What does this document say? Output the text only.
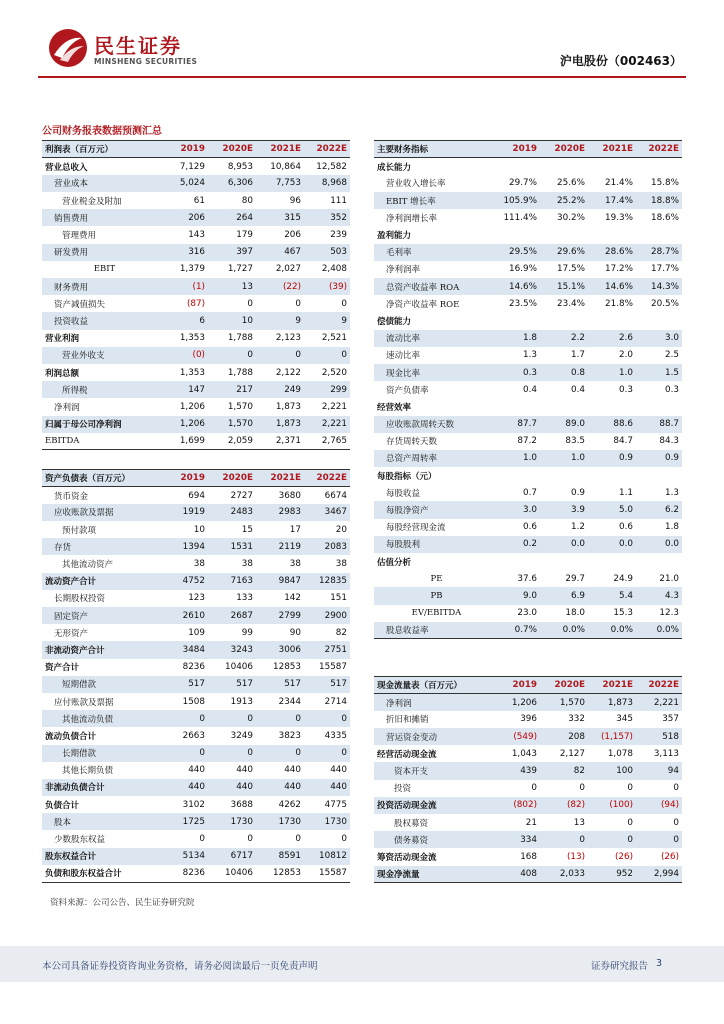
民生证券
MINSHENG SECURITIES	沪电股份（002463）
公司财务报表数据预测汇总
利润表（百万元）	2019	2020E	2021E	2022E
营业总收入	7,129	8,953	10,864	12,582
营业成本	5,024	6,306	7,753	8,968
营业税金及附加	61	80	96	111
销售费用	206	264	315	352
管理费用	143	179	206	239
研发费用	316	397	467	503
EBIT	1,379	1,727	2,027	2,408
财务费用	(1)	13	(22)	(39)
资产减值损失	(87)	0	0	0
投资收益	6	10	9	9
营业利润	1,353	1,788	2,123	2,521
营业外收支	(0)	0	0	0
利润总额	1,353	1,788	2,122	2,520
所得税	147	217	249	299
净利润	1,206	1,570	1,873	2,221
归属于母公司净利润	1,206	1,570	1,873	2,221
EBITDA	1,699	2,059	2,371	2,765
资产负债表（百万元）	2019	2020E	2021E	2022E
货币资金	694	2727	3680	6674
应收账款及票据	1919	2483	2983	3467
预付款项	10	15	17	20
存货	1394	1531	2119	2083
其他流动资产	38	38	38	38
流动资产合计	4752	7163	9847	12835
长期股权投资	123	133	142	151
固定资产	2610	2687	2799	2900
无形资产	109	99	90	82
非流动资产合计	3484	3243	3006	2751
资产合计	8236	10406	12853	15587
短期借款	517	517	517	517
应付账款及票据	1508	1913	2344	2714
其他流动负债	0	0	0	0
流动负债合计	2663	3249	3823	4335
长期借款	0	0	0	0
其他长期负债	440	440	440	440
非流动负债合计	440	440	440	440
负债合计	3102	3688	4262	4775
股本	1725	1730	1730	1730
少数股东权益	0	0	0	0
股东权益合计	5134	6717	8591	10812
负债和股东权益合计	8236	10406	12853	15587
主要财务指标	2019	2020E	2021E	2022E
成长能力				
营业收入增长率	29.7%	25.6%	21.4%	15.8%
EBIT 增长率	105.9%	25.2%	17.4%	18.8%
净利润增长率	111.4%	30.2%	19.3%	18.6%
盈利能力				
毛利率	29.5%	29.6%	28.6%	28.7%
净利润率	16.9%	17.5%	17.2%	17.7%
总资产收益率 ROA	14.6%	15.1%	14.6%	14.3%
净资产收益率 ROE	23.5%	23.4%	21.8%	20.5%
偿债能力				
流动比率	1.8	2.2	2.6	3.0
速动比率	1.3	1.7	2.0	2.5
现金比率	0.3	0.8	1.0	1.5
资产负债率	0.4	0.4	0.3	0.3
经营效率				
应收账款周转天数	87.7	89.0	88.6	88.7
存货周转天数	87.2	83.5	84.7	84.3
总资产周转率	1.0	1.0	0.9	0.9
每股指标（元）				
每股收益	0.7	0.9	1.1	1.3
每股净资产	3.0	3.9	5.0	6.2
每股经营现金流	0.6	1.2	0.6	1.8
每股股利	0.2	0.0	0.0	0.0
估值分析				
PE	37.6	29.7	24.9	21.0
PB	9.0	6.9	5.4	4.3
EV/EBITDA	23.0	18.0	15.3	12.3
股息收益率	0.7%	0.0%	0.0%	0.0%
现金流量表（百万元）	2019	2020E	2021E	2022E
净利润	1,206	1,570	1,873	2,221
折旧和摊销	396	332	345	357
营运资金变动	(549)	208	(1,157)	518
经营活动现金流	1,043	2,127	1,078	3,113
资本开支	439	82	100	94
投资	0	0	0	0
投资活动现金流	(802)	(82)	(100)	(94)
股权募资	21	13	0	0
债务募资	334	0	0	0
筹资活动现金流	168	(13)	(26)	(26)
现金净流量	408	2,033	952	2,994
资料来源：公司公告、民生证券研究院
本公司具备证券投资咨询业务资格，请务必阅读最后一页免责声明	证券研究报告 3
